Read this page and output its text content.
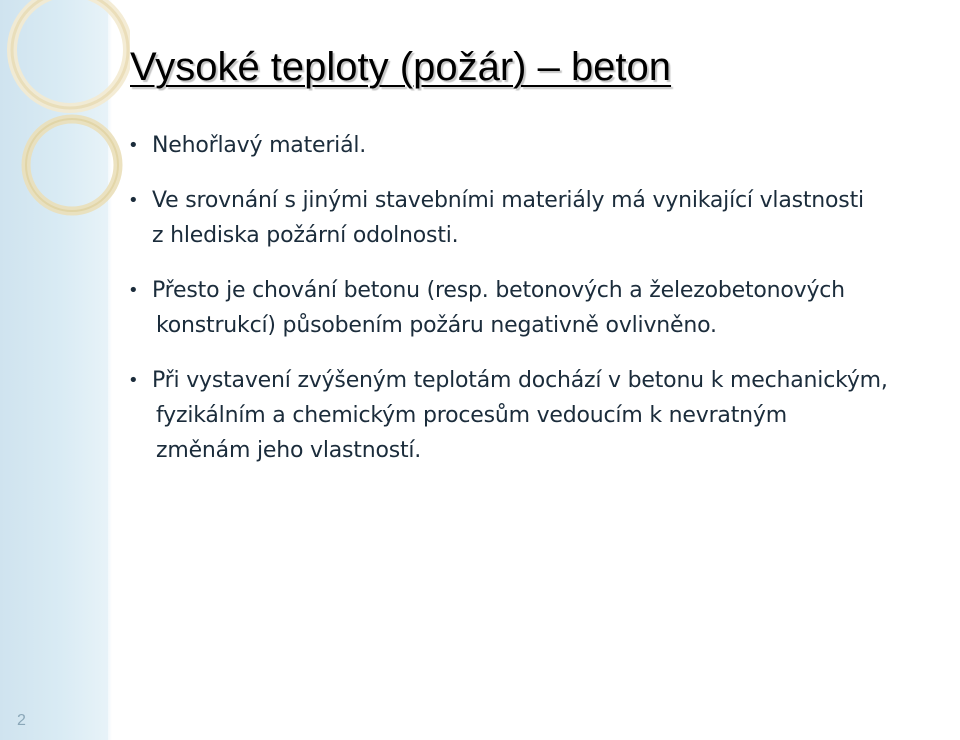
Vysoké teploty (požár) – beton
• Nehořlavý materiál.
• Ve srovnání s jinými stavebními materiály má vynikající vlastnosti
z hlediska požární odolnosti.
• Přesto je chování betonu (resp. betonových a železobetonových
konstrukcí) působením požáru negativně ovlivněno.
• Při vystavení zvýšeným teplotám dochází v betonu k mechanickým,
fyzikálním a chemickým procesům vedoucím k nevratným
změnám jeho vlastností.
2
